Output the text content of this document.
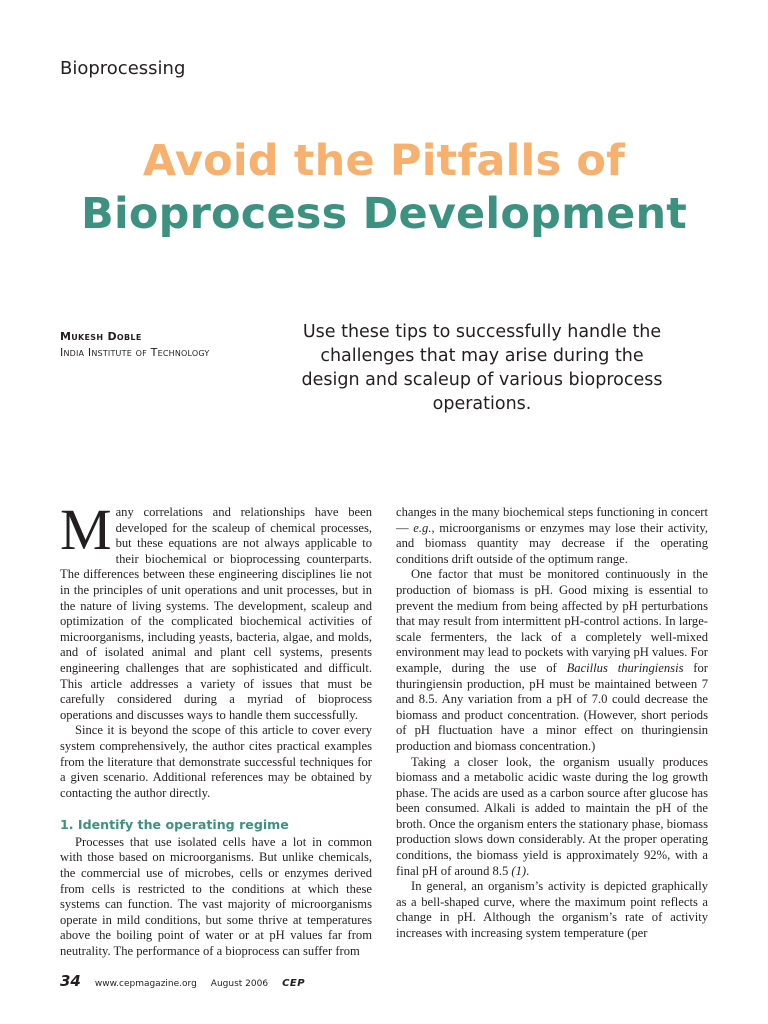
Bioprocessing
Avoid the Pitfalls of
Bioprocess Development
Mukesh Doble
India Institute of Technology
Use these tips to successfully handle the challenges that may arise during the design and scaleup of various bioprocess operations.

Many correlations and relationships have been developed for the scaleup of chemical processes, but these equations are not always applicable to their biochemical or bioprocessing counterparts. The differences between these engineering disciplines lie not in the principles of unit operations and unit processes, but in the nature of living systems. The development, scaleup and optimization of the complicated biochemical activities of microorganisms, including yeasts, bacteria, algae, and molds, and of isolated animal and plant cell systems, presents engineering challenges that are sophisticated and difficult. This article addresses a variety of issues that must be carefully considered during a myriad of bioprocess operations and discusses ways to handle them successfully.

Since it is beyond the scope of this article to cover every system comprehensively, the author cites practical examples from the literature that demonstrate successful techniques for a given scenario. Additional references may be obtained by contacting the author directly.

1. Identify the operating regime

Processes that use isolated cells have a lot in common with those based on microorganisms. But unlike chemicals, the commercial use of microbes, cells or enzymes derived from cells is restricted to the conditions at which these systems can function. The vast majority of microorganisms operate in mild conditions, but some thrive at temperatures above the boiling point of water or at pH values far from neutrality. The performance of a bioprocess can suffer from

changes in the many biochemical steps functioning in concert — e.g., microorganisms or enzymes may lose their activity, and biomass quantity may decrease if the operating conditions drift outside of the optimum range.

One factor that must be monitored continuously in the production of biomass is pH. Good mixing is essential to prevent the medium from being affected by pH perturbations that may result from intermittent pH-control actions. In large-scale fermenters, the lack of a completely well-mixed environment may lead to pockets with varying pH values. For example, during the use of Bacillus thuringiensis for thuringiensin production, pH must be maintained between 7 and 8.5. Any variation from a pH of 7.0 could decrease the biomass and product concentration. (However, short periods of pH fluctuation have a minor effect on thuringiensin production and biomass concentration.)

Taking a closer look, the organism usually produces biomass and a metabolic acidic waste during the log growth phase. The acids are used as a carbon source after glucose has been consumed. Alkali is added to maintain the pH of the broth. Once the organism enters the stationary phase, biomass production slows down considerably. At the proper operating conditions, the biomass yield is approximately 92%, with a final pH of around 8.5 (1).

In general, an organism’s activity is depicted graphically as a bell-shaped curve, where the maximum point reflects a change in pH. Although the organism’s rate of activity increases with increasing system temperature (per

34 www.cepmagazine.org August 2006 CEP
